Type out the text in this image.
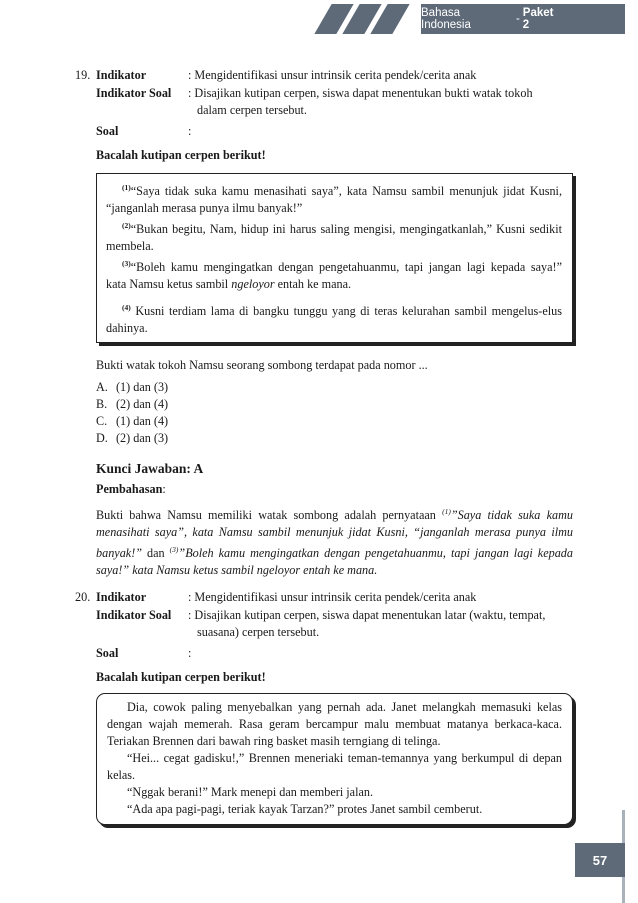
Bahasa Indonesia	- Paket 2
19. Indikator	: Mengidentifikasi unsur intrinsik cerita pendek/cerita anak
Indikator Soal	: Disajikan kutipan cerpen, siswa dapat menentukan bukti watak tokoh
dalam cerpen tersebut.
Soal	:
Bacalah kutipan cerpen berikut!

$^{(1)}$“Saya tidak suka kamu menasihati saya”, kata Namsu sambil menunjuk jidat Kusni, “janganlah merasa punya ilmu banyak!”

$^{(2)}$“Bukan begitu, Nam, hidup ini harus saling mengisi, mengingatkanlah,” Kusni sedikit membela.

$^{(3)}$“Boleh kamu mengingatkan dengan pengetahuanmu, tapi jangan lagi kepada saya!” kata Namsu ketus sambil ngeloyor entah ke mana.

$^{(4)}$ Kusni terdiam lama di bangku tunggu yang di teras kelurahan sambil mengelus-elus dahinya.

Bukti watak tokoh Namsu seorang sombong terdapat pada nomor ...
A. (1) dan (3)
B. (2) dan (4)
C. (1) dan (4)
D. (2) dan (3)
Kunci Jawaban: A
Pembahasan:
Bukti bahwa Namsu memiliki watak sombong adalah pernyataan $^{(1)}$”Saya tidak suka kamu menasihati saya”, kata Namsu sambil menunjuk jidat Kusni, “janganlah merasa punya ilmu banyak!” dan $^{(3)}$”Boleh kamu mengingatkan dengan pengetahuanmu, tapi jangan lagi kepada saya!” kata Namsu ketus sambil ngeloyor entah ke mana.
20. Indikator	: Mengidentifikasi unsur intrinsik cerita pendek/cerita anak
Indikator Soal	: Disajikan kutipan cerpen, siswa dapat menentukan latar (waktu, tempat,
suasana) cerpen tersebut.
Soal	:
Bacalah kutipan cerpen berikut!

Dia, cowok paling menyebalkan yang pernah ada. Janet melangkah memasuki kelas dengan wajah memerah. Rasa geram bercampur malu membuat matanya berkaca-kaca. Teriakan Brennen dari bawah ring basket masih terngiang di telinga.

“Hei... cegat gadisku!,” Brennen meneriaki teman-temannya yang berkumpul di depan kelas.

“Nggak berani!” Mark menepi dan memberi jalan.

“Ada apa pagi-pagi, teriak kayak Tarzan?” protes Janet sambil cemberut.

57
